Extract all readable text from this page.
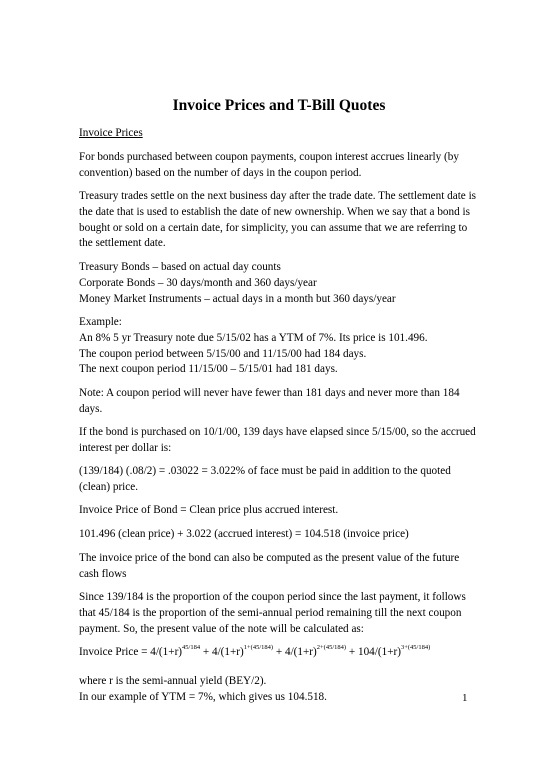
Invoice Prices and T-Bill Quotes
Invoice Prices
For bonds purchased between coupon payments, coupon interest accrues linearly (by
convention) based on the number of days in the coupon period.
Treasury trades settle on the next business day after the trade date. The settlement date is
the date that is used to establish the date of new ownership. When we say that a bond is
bought or sold on a certain date, for simplicity, you can assume that we are referring to
the settlement date.
Treasury Bonds – based on actual day counts
Corporate Bonds – 30 days/month and 360 days/year
Money Market Instruments – actual days in a month but 360 days/year
Example:
An 8% 5 yr Treasury note due 5/15/02 has a YTM of 7%. Its price is 101.496.
The coupon period between 5/15/00 and 11/15/00 had 184 days.
The next coupon period 11/15/00 – 5/15/01 had 181 days.
Note: A coupon period will never have fewer than 181 days and never more than 184
days.
If the bond is purchased on 10/1/00, 139 days have elapsed since 5/15/00, so the accrued
interest per dollar is:
(139/184) (.08/2) = .03022 = 3.022% of face must be paid in addition to the quoted
(clean) price.
Invoice Price of Bond = Clean price plus accrued interest.
101.496 (clean price) + 3.022 (accrued interest) = 104.518 (invoice price)
The invoice price of the bond can also be computed as the present value of the future
cash flows
Since 139/184 is the proportion of the coupon period since the last payment, it follows
that 45/184 is the proportion of the semi-annual period remaining till the next coupon
payment. So, the present value of the note will be calculated as:
Invoice Price = $4/(1+r)^{45/184} + 4/(1+r)^{1+(45/184)} + 4/(1+r)^{2+(45/184)} + 104/(1+r)^{3+(45/184)}$
where r is the semi-annual yield (BEY/2).
In our example of YTM = 7%, which gives us 104.518.	1
